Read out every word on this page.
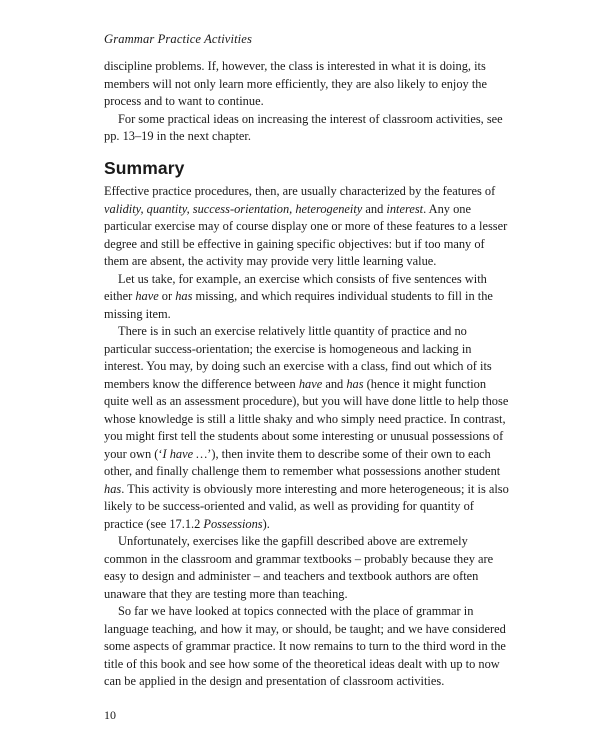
Grammar Practice Activities

discipline problems. If, however, the class is interested in what it is doing, its members will not only learn more efficiently, they are also likely to enjoy the process and to want to continue.

For some practical ideas on increasing the interest of classroom activities, see pp. 13–19 in the next chapter.

Summary

Effective practice procedures, then, are usually characterized by the features of validity, quantity, success-orientation, heterogeneity and interest. Any one particular exercise may of course display one or more of these features to a lesser degree and still be effective in gaining specific objectives: but if too many of them are absent, the activity may provide very little learning value.

Let us take, for example, an exercise which consists of five sentences with either have or has missing, and which requires individual students to fill in the missing item.

There is in such an exercise relatively little quantity of practice and no particular success-orientation; the exercise is homogeneous and lacking in interest. You may, by doing such an exercise with a class, find out which of its members know the difference between have and has (hence it might function quite well as an assessment procedure), but you will have done little to help those whose knowledge is still a little shaky and who simply need practice. In contrast, you might first tell the students about some interesting or unusual possessions of your own (‘I have …’), then invite them to describe some of their own to each other, and finally challenge them to remember what possessions another student has. This activity is obviously more interesting and more heterogeneous; it is also likely to be success-oriented and valid, as well as providing for quantity of practice (see 17.1.2 Possessions).

Unfortunately, exercises like the gapfill described above are extremely common in the classroom and grammar textbooks – probably because they are easy to design and administer – and teachers and textbook authors are often unaware that they are testing more than teaching.

So far we have looked at topics connected with the place of grammar in language teaching, and how it may, or should, be taught; and we have considered some aspects of grammar practice. It now remains to turn to the third word in the title of this book and see how some of the theoretical ideas dealt with up to now can be applied in the design and presentation of classroom activities.

10
